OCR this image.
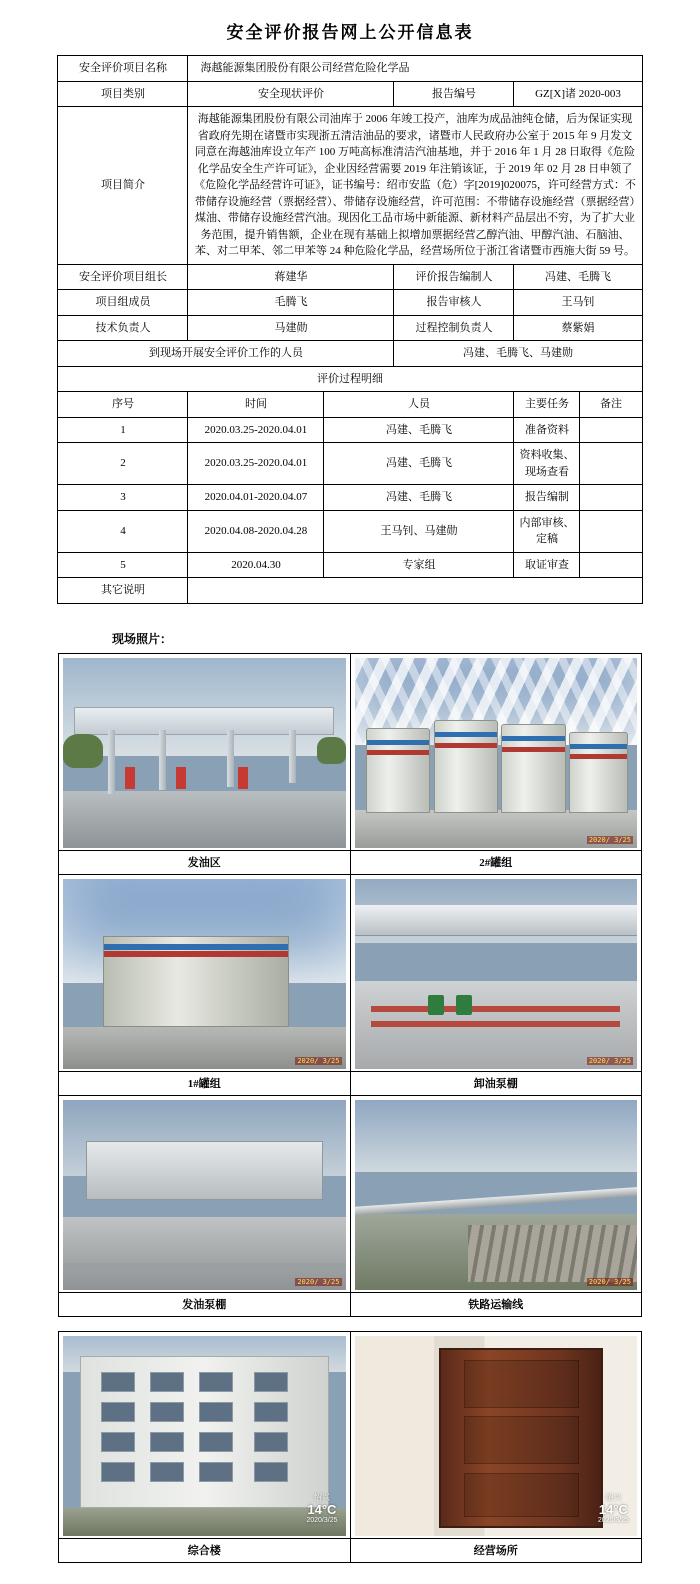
安全评价报告网上公开信息表
安全评价项目名称	海越能源集团股份有限公司经营危险化学品				
项目类别	安全现状评价		报告编号	GZ[X]诸 2020-003	
项目简介	海越能源集团股份有限公司油库于 2006 年竣工投产，油库为成品油纯仓储，后为保证实现省政府先期在诸暨市实现浙五清洁油品的要求，诸暨市人民政府办公室于 2015 年 9 月发文同意在海越油库设立年产 100 万吨高标准清洁汽油基地，并于 2016 年 1 月 28 日取得《危险化学品安全生产许可证》，企业因经营需要 2019 年注销该证，于 2019 年 02 月 28 日申领了《危险化学品经营许可证》，证书编号：绍市安监（危）字[2019]020075，许可经营方式：不带储存设施经营（票据经营）、带储存设施经营，许可范围：不带储存设施经营（票据经营）煤油、带储存设施经营汽油。现因化工品市场中新能源、新材料产品层出不穷，为了扩大业务范围，提升销售额，企业在现有基础上拟增加票据经营乙醇汽油、甲醇汽油、石脑油、苯、对二甲苯、邻二甲苯等 24 种危险化学品，经营场所位于浙江省诸暨市西施大街 59 号。				
安全评价项目组长	蒋建华		评价报告编制人	冯建、毛腾飞	
项目组成员	毛腾飞		报告审核人	王马钊	
技术负责人	马建勋		过程控制负责人	蔡紫娟	
到现场开展安全评价工作的人员			冯建、毛腾飞、马建勋		
评价过程明细					
序号	时间	人员		主要任务	备注
1	2020.03.25-2020.04.01	冯建、毛腾飞		准备资料	
2	2020.03.25-2020.04.01	冯建、毛腾飞		资料收集、现场查看	
3	2020.04.01-2020.04.07	冯建、毛腾飞		报告编制	
4	2020.04.08-2020.04.28	王马钊、马建勋		内部审核、定稿	
5	2020.04.30	专家组		取证审查	
其它说明					
现场照片：

	2020/ 3/25

发油区	2#罐组

2020/ 3/25	2020/ 3/25

1#罐组	卸油泵棚

2020/ 3/25	2020/ 3/25

发油泵棚	铁路运输线
绍兴
14°C
2020/3/25

绍兴
14°C
2020/3/25

综合楼	经营场所
